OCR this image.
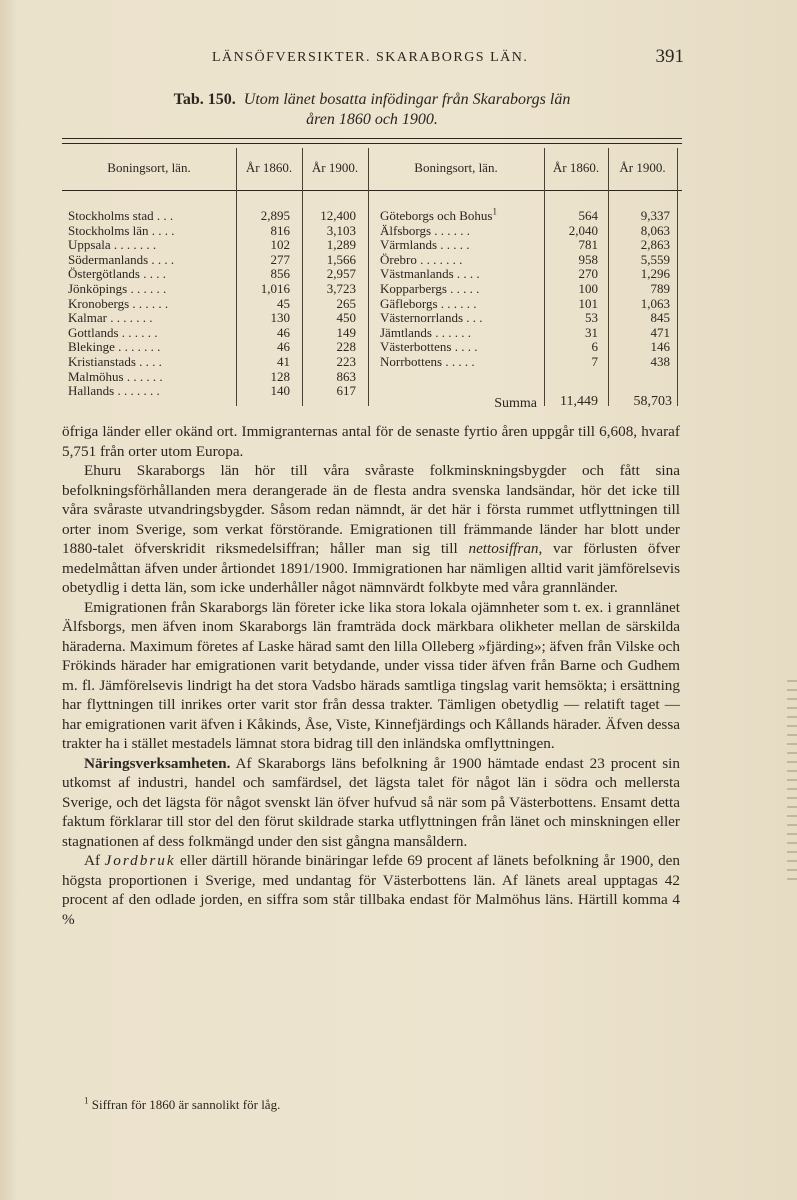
LÄNSÖFVERSIKTER. SKARABORGS LÄN.	391
Tab. 150. Utom länet bosatta infödingar från Skaraborgs län
åren 1860 och 1900.
Boningsort, län.	År 1860.	År 1900.	Boningsort, län.	År 1860.	År 1900.
Stockholms stad . . .	2,895	12,400 Göteborgs och Bohus$^1$	564	9,337
Stockholms län . . . .	816	3,103 Älfsborgs . . . . . .	2,040	8,063
Uppsala . . . . . . .	102	1,289 Värmlands . . . . .	781	2,863
Södermanlands . . . .	277	1,566 Örebro . . . . . . .	958	5,559
Östergötlands . . . .	856	2,957 Västmanlands . . . .	270	1,296
Jönköpings . . . . . .	1,016	3,723 Kopparbergs . . . . .	100	789
Kronobergs . . . . . .	45	265 Gäfleborgs . . . . . .	101	1,063
Kalmar . . . . . . .	130	450 Västernorrlands . . .	53	845
Gottlands . . . . . .	46	149 Jämtlands . . . . . .	31	471
Blekinge . . . . . . .	46	228 Västerbottens . . . .	6	146
Kristianstads . . . .	41	223 Norrbottens . . . . .	7	438
Malmöhus . . . . . .	128	863
Hallands . . . . . . .	140	617
Summa	11,449	58,703

öfriga länder eller okänd ort. Immigranternas antal för de senaste fyrtio åren uppgår till 6,608, hvaraf 5,751 från orter utom Europa.

Ehuru Skaraborgs län hör till våra svåraste folkminskningsbygder och fått sina befolkningsförhållanden mera derangerade än de flesta andra svenska landsändar, hör det icke till våra svåraste utvandringsbygder. Såsom redan nämndt, är det här i första rummet utflyttningen till orter inom Sverige, som verkat förstörande. Emigrationen till främmande länder har blott under 1880-talet öfverskridit riksmedelsiffran; håller man sig till nettosiffran, var förlusten öfver medelmåttan äfven under årtiondet 1891/1900. Immigrationen har nämligen alltid varit jämförelsevis obetydlig i detta län, som icke underhåller något nämnvärdt folkbyte med våra grannländer.

Emigrationen från Skaraborgs län företer icke lika stora lokala ojämnheter som t. ex. i grannlänet Älfsborgs, men äfven inom Skaraborgs län framträda dock märkbara olikheter mellan de särskilda häraderna. Maximum företes af Laske härad samt den lilla Olleberg »fjärding»; äfven från Vilske och Frökinds härader har emigrationen varit betydande, under vissa tider äfven från Barne och Gudhem m. fl. Jämförelsevis lindrigt ha det stora Vadsbo härads samtliga tingslag varit hemsökta; i ersättning har flyttningen till inrikes orter varit stor från dessa trakter. Tämligen obetydlig — relatift taget — har emigrationen varit äfven i Kåkinds, Åse, Viste, Kinnefjärdings och Kållands härader. Äfven dessa trakter ha i stället mestadels lämnat stora bidrag till den inländska omflyttningen.

Näringsverksamheten. Af Skaraborgs läns befolkning år 1900 hämtade endast 23 procent sin utkomst af industri, handel och samfärdsel, det lägsta talet för något län i södra och mellersta Sverige, och det lägsta för något svenskt län öfver hufvud så när som på Västerbottens. Ensamt detta faktum förklarar till stor del den förut skildrade starka utflyttningen från länet och minskningen eller stagnationen af dess folkmängd under den sist gångna mansåldern.

Af Jordbruk eller därtill hörande binäringar lefde 69 procent af länets befolkning år 1900, den högsta proportionen i Sverige, med undantag för Västerbottens län. Af länets areal upptagas 42 procent af den odlade jorden, en siffra som står tillbaka endast för Malmöhus läns. Härtill komma 4 %

$^1$ Siffran för 1860 är sannolikt för låg.
